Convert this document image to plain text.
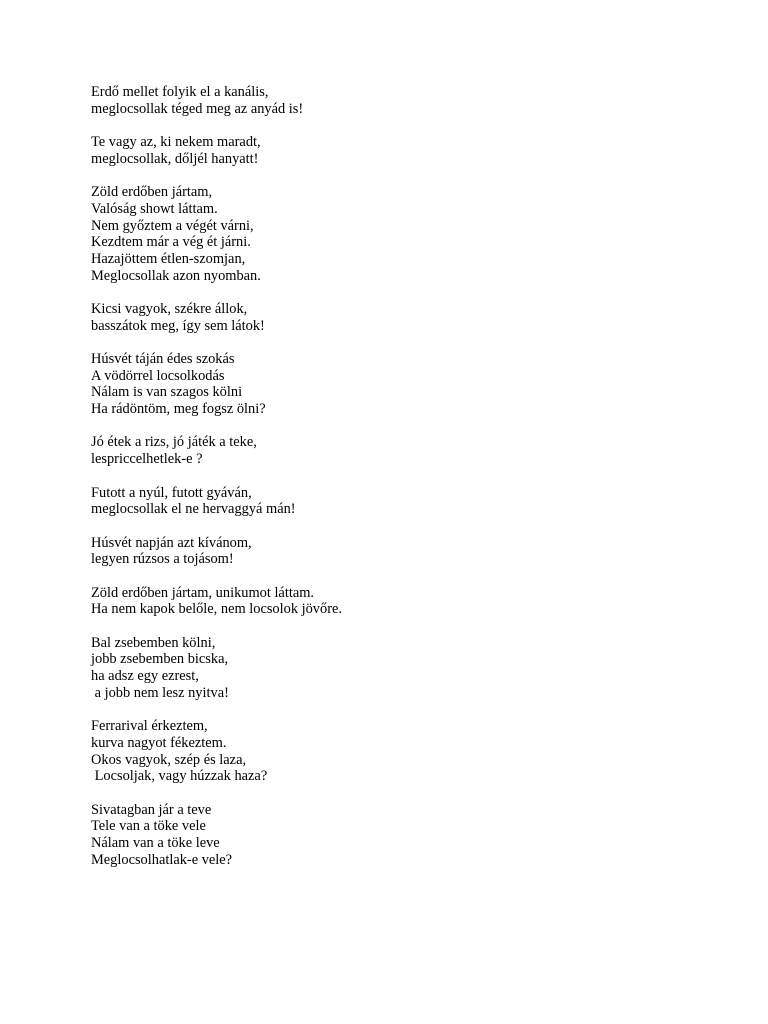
Erdő mellet folyik el a kanális,
meglocsollak téged meg az anyád is!
Te vagy az, ki nekem maradt,
meglocsollak, dőljél hanyatt!
Zöld erdőben jártam,
Valóság showt láttam.
Nem győztem a végét várni,
Kezdtem már a vég ét járni.
Hazajöttem étlen-szomjan,
Meglocsollak azon nyomban.
Kicsi vagyok, székre állok,
basszátok meg, így sem látok!
Húsvét táján édes szokás
A vödörrel locsolkodás
Nálam is van szagos kölni
Ha rádöntöm, meg fogsz ölni?
Jó étek a rizs, jó játék a teke,
lespriccelhetlek-e ?
Futott a nyúl, futott gyáván,
meglocsollak el ne hervaggyá mán!
Húsvét napján azt kívánom,
legyen rúzsos a tojásom!
Zöld erdőben jártam, unikumot láttam.
Ha nem kapok belőle, nem locsolok jövőre.
Bal zsebemben kölni,
jobb zsebemben bicska,
ha adsz egy ezrest,
a jobb nem lesz nyitva!
Ferrarival érkeztem,
kurva nagyot fékeztem.
Okos vagyok, szép és laza,
Locsoljak, vagy húzzak haza?
Sivatagban jár a teve
Tele van a töke vele
Nálam van a töke leve
Meglocsolhatlak-e vele?
